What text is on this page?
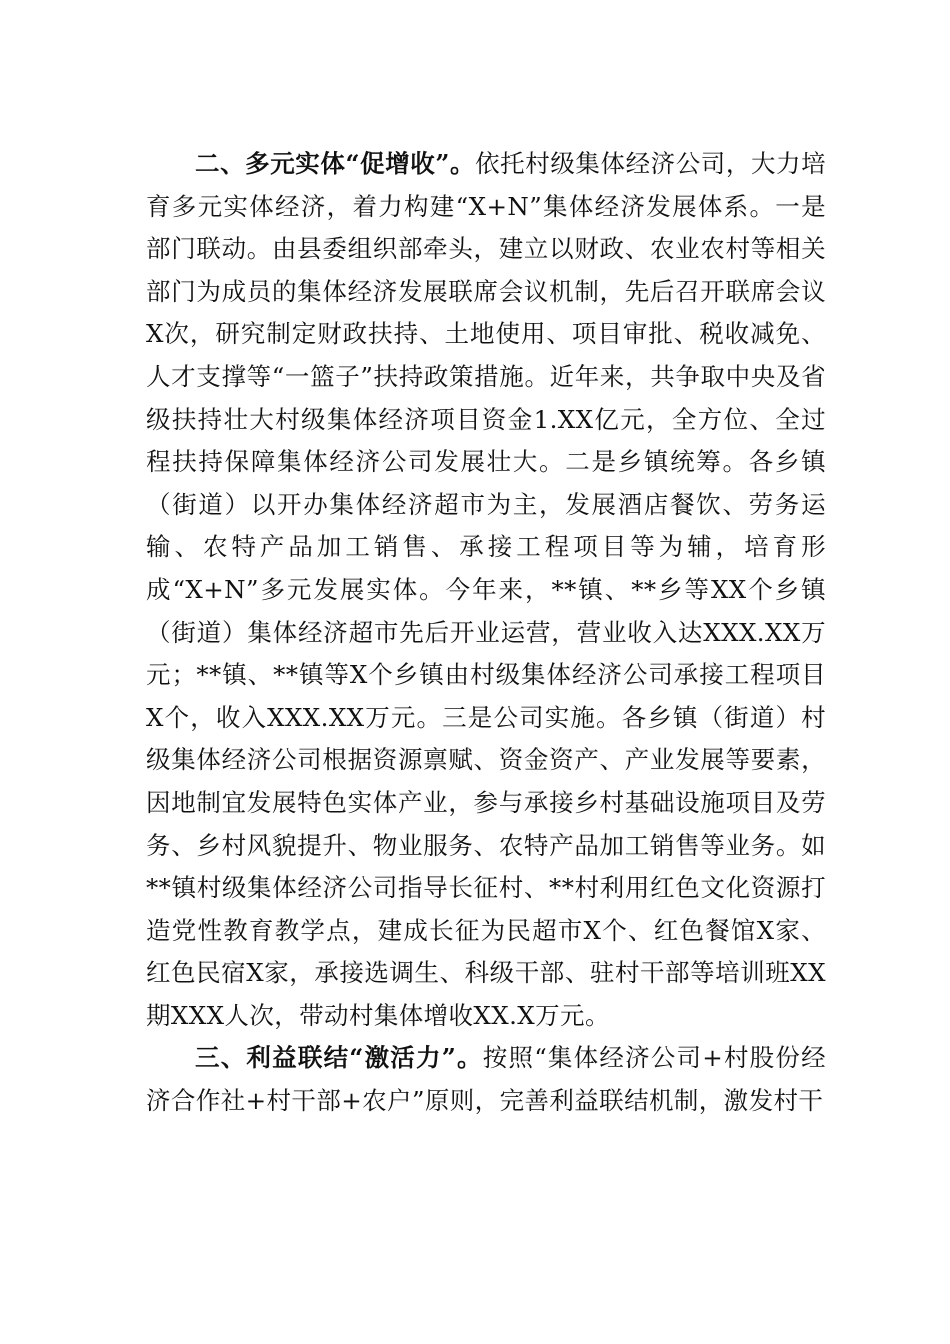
二、多元实体“促增收”。依托村级集体经济公司，大力培育多元实体经济，着力构建“X+N”集体经济发展体系。一是部门联动。由县委组织部牵头，建立以财政、农业农村等相关部门为成员的集体经济发展联席会议机制，先后召开联席会议X次，研究制定财政扶持、土地使用、项目审批、税收减免、人才支撑等“一篮子”扶持政策措施。近年来，共争取中央及省级扶持壮大村级集体经济项目资金1.XX亿元，全方位、全过程扶持保障集体经济公司发展壮大。二是乡镇统筹。各乡镇（街道）以开办集体经济超市为主，发展酒店餐饮、劳务运输、农特产品加工销售、承接工程项目等为辅，培育形成“X+N”多元发展实体。今年来，**镇、**乡等XX个乡镇（街道）集体经济超市先后开业运营，营业收入达XXX.XX万元；**镇、**镇等X个乡镇由村级集体经济公司承接工程项目X个，收入XXX.XX万元。三是公司实施。各乡镇（街道）村级集体经济公司根据资源禀赋、资金资产、产业发展等要素，因地制宜发展特色实体产业，参与承接乡村基础设施项目及劳务、乡村风貌提升、物业服务、农特产品加工销售等业务。如**镇村级集体经济公司指导长征村、**村利用红色文化资源打造党性教育教学点，建成长征为民超市X个、红色餐馆X家、红色民宿X家，承接选调生、科级干部、驻村干部等培训班XX期XXX人次，带动村集体增收XX.X万元。

三、利益联结“激活力”。按照“集体经济公司+村股份经济合作社+村干部+农户”原则，完善利益联结机制，激发村干
